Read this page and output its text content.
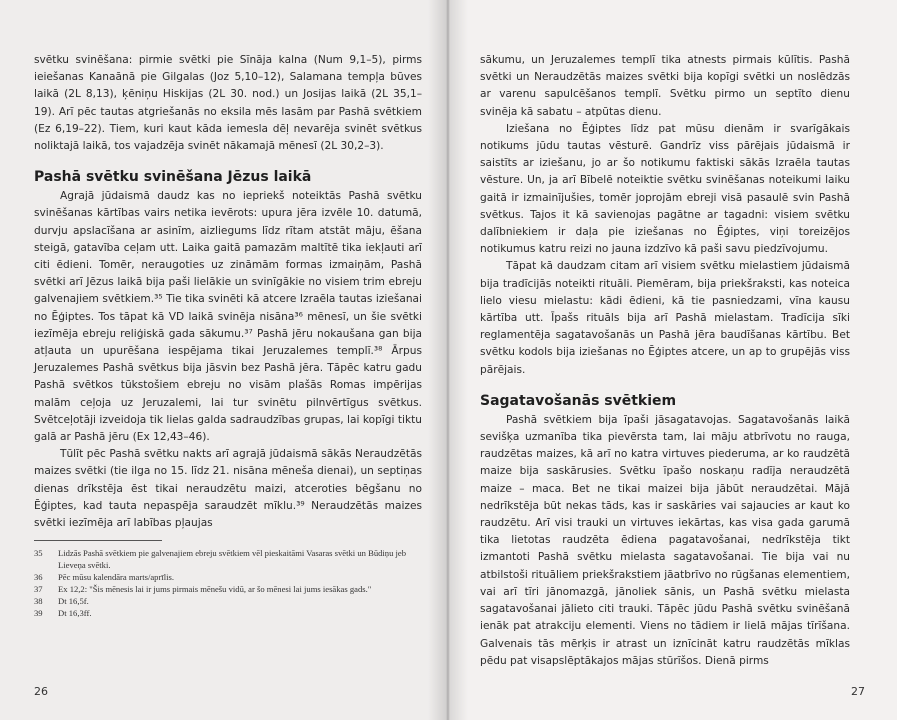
svētku svinēšana: pirmie svētki pie Sīnāja kalna (Num 9,1–5), pirms ieiešanas Kanaānā pie Gilgalas (Joz 5,10–12), Salamana tempļa būves laikā (2L 8,13), ķēniņu Hiskijas (2L 30. nod.) un Josijas laikā (2L 35,1–19). Arī pēc tautas atgriešanās no eksila mēs lasām par Pashā svētkiem (Ez 6,19–22). Tiem, kuri kaut kāda iemesla dēļ nevarēja svinēt svētkus noliktajā laikā, tos vajadzēja svinēt nākamajā mēnesī (2L 30,2–3).

Pashā svētku svinēšana Jēzus laikā

Agrajā jūdaismā daudz kas no iepriekš noteiktās Pashā svētku svinēšanas kārtības vairs netika ievērots: upura jēra izvēle 10. datumā, durvju apslacīšana ar asinīm, aizliegums līdz rītam atstāt māju, ēšana steigā, gatavība ceļam utt. Laika gaitā pamazām maltītē tika iekļauti arī citi ēdieni. Tomēr, neraugoties uz zināmām formas izmaiņām, Pashā svētki arī Jēzus laikā bija paši lielākie un svinīgākie no visiem trim ebreju galvenajiem svētkiem.³⁵ Tie tika svinēti kā atcere Izraēla tautas iziešanai no Ēģiptes. Tos tāpat kā VD laikā svinēja nisāna³⁶ mēnesī, un šie svētki iezīmēja ebreju reliģiskā gada sākumu.³⁷ Pashā jēru nokaušana gan bija atļauta un upurēšana iespējama tikai Jeruzalemes templī.³⁸ Ārpus Jeruzalemes Pashā svētkus bija jāsvin bez Pashā jēra. Tāpēc katru gadu Pashā svētkos tūkstošiem ebreju no visām plašās Romas impērijas malām ceļoja uz Jeruzalemi, lai tur svinētu pilnvērtīgus svētkus. Svētceļotāji izveidoja tik lielas galda sadraudzības grupas, lai kopīgi tiktu galā ar Pashā jēru (Ex 12,43–46).

Tūlīt pēc Pashā svētku nakts arī agrajā jūdaismā sākās Neraudzētās maizes svētki (tie ilga no 15. līdz 21. nisāna mēneša dienai), un septiņas dienas drīkstēja ēst tikai neraudzētu maizi, atceroties bēgšanu no Ēģiptes, kad tauta nepaspēja saraudzēt mīklu.³⁹ Neraudzētās maizes svētki iezīmēja arī labības pļaujas

35	Lidzās Pashā svētkiem pie galvenajiem ebreju svētkiem vēl pieskaitāmi Vasaras svētki un Būdiņu jeb Lieveņa svētki.
36	Pēc mūsu kalendāra marts/aprīlis.
37	Ex 12,2: "Šis mēnesis lai ir jums pirmais mēnešu vidū, ar šo mēnesi lai jums iesākas gads."
38	Dt 16,5f.
39	Dt 16,3ff.
26

sākumu, un Jeruzalemes templī tika atnests pirmais kūlītis. Pashā svētki un Neraudzētās maizes svētki bija kopīgi svētki un noslēdzās ar varenu sapulcēšanos templī. Svētku pirmo un septīto dienu svinēja kā sabatu – atpūtas dienu.

Iziešana no Ēģiptes līdz pat mūsu dienām ir svarīgākais notikums jūdu tautas vēsturē. Gandrīz viss pārējais jūdaismā ir saistīts ar iziešanu, jo ar šo notikumu faktiski sākās Izraēla tautas vēsture. Un, ja arī Bībelē noteiktie svētku svinēšanas noteikumi laiku gaitā ir izmainījušies, tomēr joprojām ebreji visā pasaulē svin Pashā svētkus. Tajos it kā savienojas pagātne ar tagadni: visiem svētku dalībniekiem ir daļa pie iziešanas no Ēģiptes, viņi toreizējos notikumus katru reizi no jauna izdzīvo kā paši savu piedzīvojumu.

Tāpat kā daudzam citam arī visiem svētku mielastiem jūdaismā bija tradīcijās noteikti rituāli. Piemēram, bija priekšraksti, kas noteica lielo viesu mielastu: kādi ēdieni, kā tie pasniedzami, vīna kausu kārtība utt. Īpašs rituāls bija arī Pashā mielastam. Tradīcija sīki reglamentēja sagatavošanās un Pashā jēra baudīšanas kārtību. Bet svētku kodols bija iziešanas no Ēģiptes atcere, un ap to grupējās viss pārējais.

Sagatavošanās svētkiem

Pashā svētkiem bija īpaši jāsagatavojas. Sagatavošanās laikā sevišķa uzmanība tika pievērsta tam, lai māju atbrīvotu no rauga, raudzētas maizes, kā arī no katra virtuves piederuma, ar ko raudzētā maize bija saskārusies. Svētku īpašo noskaņu radīja neraudzētā maize – maca. Bet ne tikai maizei bija jābūt neraudzētai. Mājā nedrīkstēja būt nekas tāds, kas ir saskāries vai sajaucies ar kaut ko raudzētu. Arī visi trauki un virtuves iekārtas, kas visa gada garumā tika lietotas raudzēta ēdiena pagatavošanai, nedrīkstēja tikt izmantoti Pashā svētku mielasta sagatavošanai. Tie bija vai nu atbilstoši rituāliem priekšrakstiem jāatbrīvo no rūgšanas elementiem, vai arī tīri jānomazgā, jānoliek sānis, un Pashā svētku mielasta sagatavošanai jālieto citi trauki. Tāpēc jūdu Pashā svētku svinēšanā ienāk pat atrakciju elementi. Viens no tādiem ir lielā mājas tīrīšana. Galvenais tās mērķis ir atrast un iznīcināt katru raudzētās mīklas pēdu pat visapslēptākajos mājas stūrīšos. Dienā pirms

27
